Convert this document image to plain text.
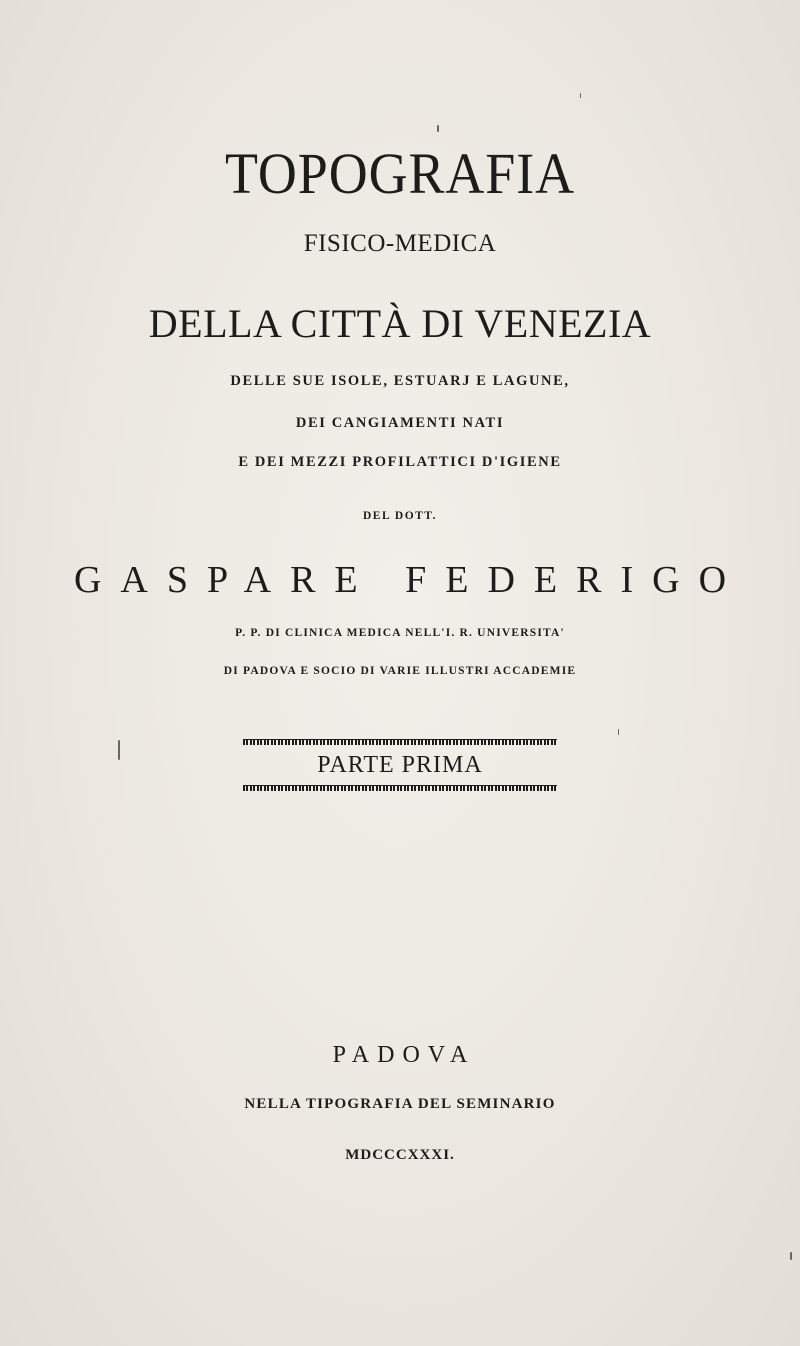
TOPOGRAFIA
FISICO-MEDICA
DELLA CITTÀ DI VENEZIA
DELLE SUE ISOLE, ESTUARJ E LAGUNE,
DEI CANGIAMENTI NATI
E DEI MEZZI PROFILATTICI D'IGIENE
DEL DOTT.
GASPARE FEDERIGO
P. P. DI CLINICA MEDICA NELL'I. R. UNIVERSITA'
DI PADOVA E SOCIO DI VARIE ILLUSTRI ACCADEMIE
PARTE PRIMA
PADOVA
NELLA TIPOGRAFIA DEL SEMINARIO
MDCCCXXXI.
